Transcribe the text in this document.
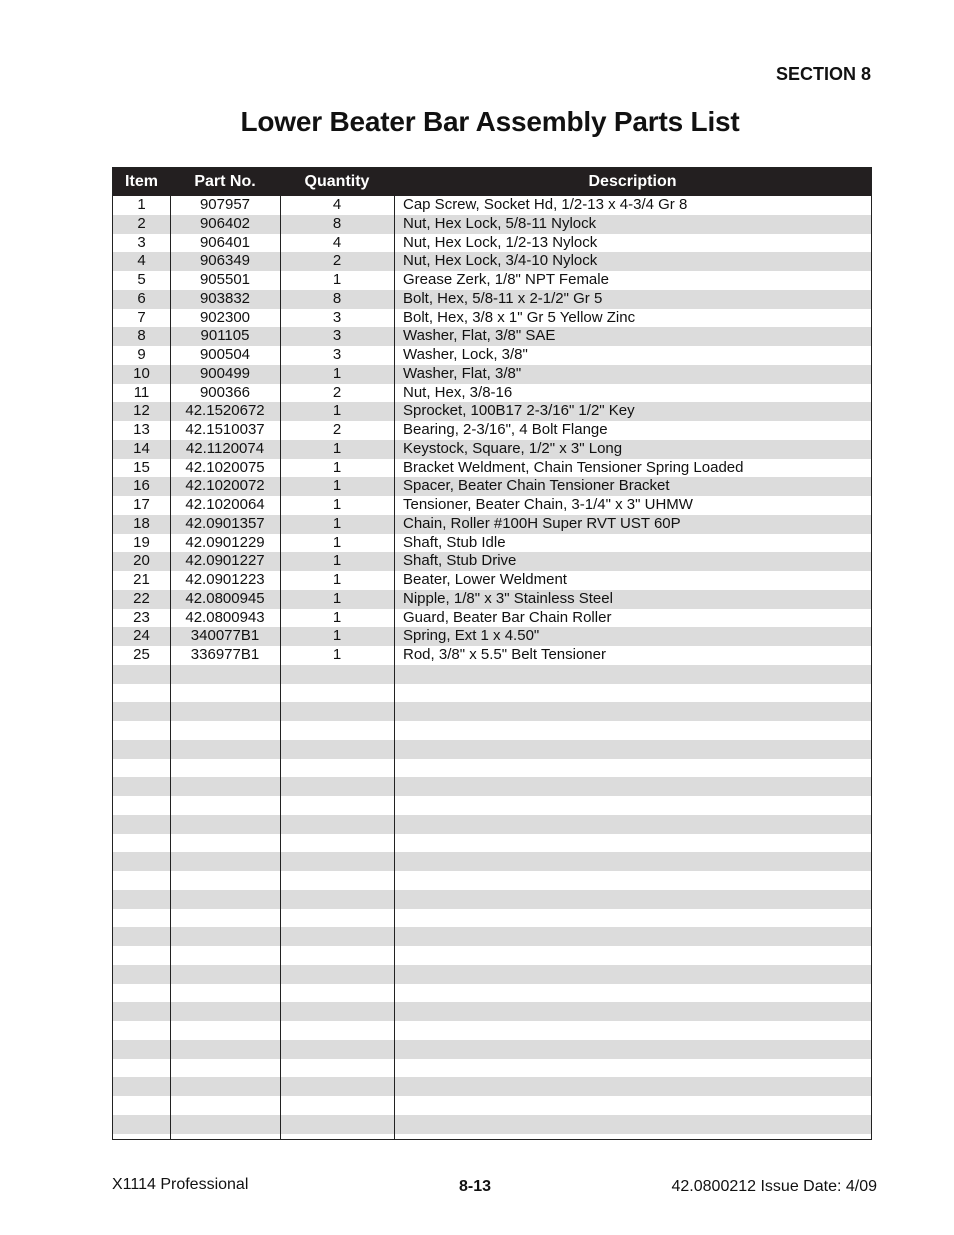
SECTION 8
Lower Beater Bar Assembly Parts List
Item	Part No.	Quantity	Description
1	907957	4	Cap Screw, Socket Hd, 1/2-13 x 4-3/4 Gr 8
2	906402	8	Nut, Hex Lock, 5/8-11 Nylock
3	906401	4	Nut, Hex Lock, 1/2-13 Nylock
4	906349	2	Nut, Hex Lock, 3/4-10 Nylock
5	905501	1	Grease Zerk, 1/8" NPT Female
6	903832	8	Bolt, Hex, 5/8-11 x 2-1/2" Gr 5
7	902300	3	Bolt, Hex, 3/8 x 1" Gr 5 Yellow Zinc
8	901105	3	Washer, Flat, 3/8" SAE
9	900504	3	Washer, Lock, 3/8"
10	900499	1	Washer, Flat, 3/8"
11	900366	2	Nut, Hex, 3/8-16
12	42.1520672	1	Sprocket, 100B17 2-3/16" 1/2" Key
13	42.1510037	2	Bearing, 2-3/16", 4 Bolt Flange
14	42.1120074	1	Keystock, Square, 1/2" x 3" Long
15	42.1020075	1	Bracket Weldment, Chain Tensioner Spring Loaded
16	42.1020072	1	Spacer, Beater Chain Tensioner Bracket
17	42.1020064	1	Tensioner, Beater Chain, 3-1/4" x 3" UHMW
18	42.0901357	1	Chain, Roller #100H Super RVT UST 60P
19	42.0901229	1	Shaft, Stub Idle
20	42.0901227	1	Shaft, Stub Drive
21	42.0901223	1	Beater, Lower Weldment
22	42.0800945	1	Nipple, 1/8" x 3" Stainless Steel
23	42.0800943	1	Guard, Beater Bar Chain Roller
24	340077B1	1	Spring, Ext 1 x 4.50"
25	336977B1	1	Rod, 3/8" x 5.5" Belt Tensioner
X1114 Professional	8-13	42.0800212 Issue Date: 4/09
